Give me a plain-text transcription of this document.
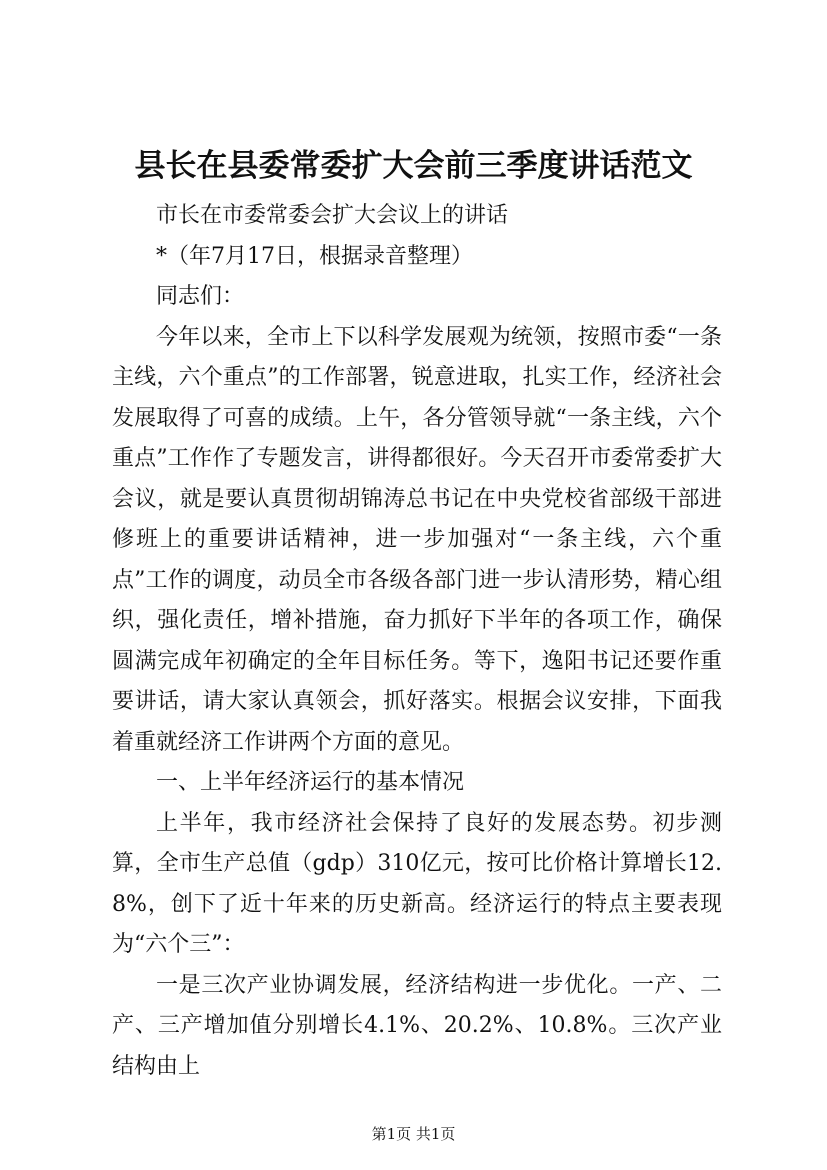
县长在县委常委扩大会前三季度讲话范文

市长在市委常委会扩大会议上的讲话

*（年7月17日，根据录音整理）

同志们：

今年以来，全市上下以科学发展观为统领，按照市委“一条主线，六个重点”的工作部署，锐意进取，扎实工作，经济社会发展取得了可喜的成绩。上午，各分管领导就“一条主线，六个重点”工作作了专题发言，讲得都很好。今天召开市委常委扩大会议，就是要认真贯彻胡锦涛总书记在中央党校省部级干部进修班上的重要讲话精神，进一步加强对“一条主线，六个重点”工作的调度，动员全市各级各部门进一步认清形势，精心组织，强化责任，增补措施，奋力抓好下半年的各项工作，确保圆满完成年初确定的全年目标任务。等下，逸阳书记还要作重要讲话，请大家认真领会，抓好落实。根据会议安排，下面我着重就经济工作讲两个方面的意见。

一、上半年经济运行的基本情况

上半年，我市经济社会保持了良好的发展态势。初步测算，全市生产总值（gdp）310亿元，按可比价格计算增长12.8%，创下了近十年来的历史新高。经济运行的特点主要表现为“六个三”：

一是三次产业协调发展，经济结构进一步优化。一产、二产、三产增加值分别增长4.1%、20.2%、10.8%。三次产业结构由上

第1页 共1页
